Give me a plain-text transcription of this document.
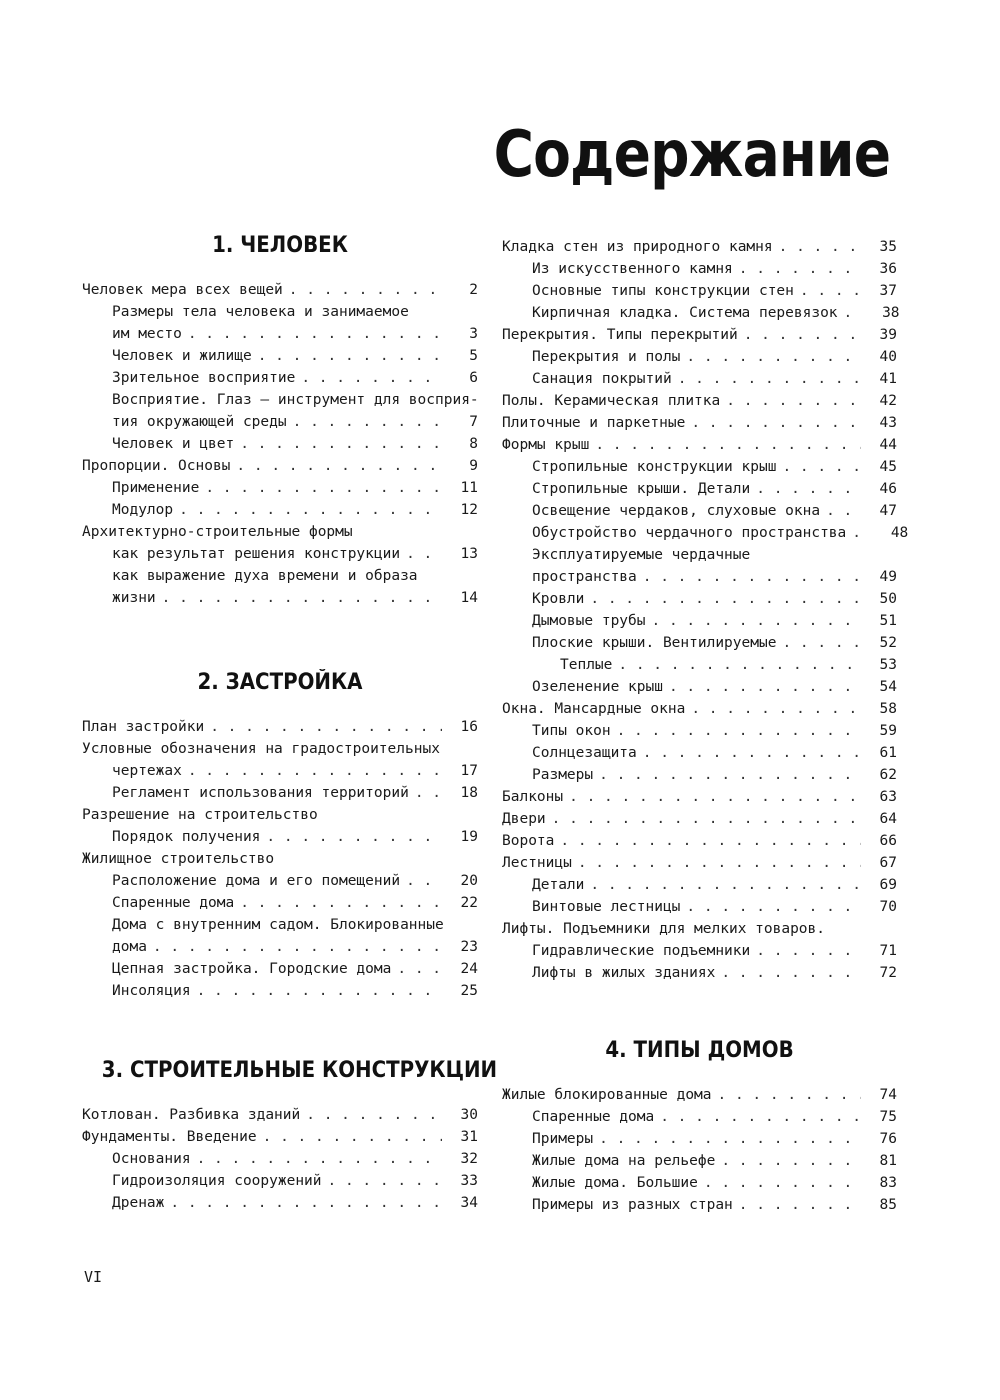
Содержание
1. ЧЕЛОВЕК
Человек мера всех вещей . . .	2
Размеры тела человека и занимаемое
им место . . .	3
Человек и жилище . . .	5
Зрительное восприятие . . .	6
Восприятие. Глаз – инструмент для восприя-
тия окружающей среды . . .	7
Человек и цвет . . .	8
Пропорции. Основы . . .	9
Применение . . .	11
Модулор . . .	12
Архитектурно-строительные формы
как результат решения конструкции . . .	13
как выражение духа времени и образа
жизни . . .	14
2. ЗАСТРОЙКА
План застройки . . .	16
Условные обозначения на градостроительных
чертежах . . .	17
Регламент использования территорий . . .	18
Разрешение на строительство
Порядок получения . . .	19
Жилищное строительство
Расположение дома и его помещений . . .	20
Спаренные дома . . .	22
Дома с внутренним садом. Блокированные
дома . . .	23
Цепная застройка. Городские дома . . .	24
Инсоляция . . .	25
3. СТРОИТЕЛЬНЫЕ КОНСТРУКЦИИ
Котлован. Разбивка зданий . . .	30
Фундаменты. Введение . . .	31
Основания . . .	32
Гидроизоляция сооружений . . .	33
Дренаж . . .	34
Кладка стен из природного камня . . .	35
Из искусственного камня . . .	36
Основные типы конструкции стен . . .	37
Кирпичная кладка. Система перевязок . . .	38
Перекрытия. Типы перекрытий . . .	39
Перекрытия и полы . . .	40
Санация покрытий . . .	41
Полы. Керамическая плитка . . .	42
Плиточные и паркетные . . .	43
Формы крыш . . .	44
Стропильные конструкции крыш . . .	45
Стропильные крыши. Детали . . .	46
Освещение чердаков, слуховые окна . . .	47
Обустройство чердачного пространства . . .	48
Эксплуатируемые чердачные
пространства . . .	49
Кровли . . .	50
Дымовые трубы . . .	51
Плоские крыши. Вентилируемые . . .	52
Теплые . . .	53
Озеленение крыш . . .	54
Окна. Мансардные окна . . .	58
Типы окон . . .	59
Солнцезащита . . .	61
Размеры . . .	62
Балконы . . .	63
Двери . . .	64
Ворота . . .	66
Лестницы . . .	67
Детали . . .	69
Винтовые лестницы . . .	70
Лифты. Подъемники для мелких товаров.
Гидравлические подъемники . . .	71
Лифты в жилых зданиях . . .	72
4. ТИПЫ ДОМОВ
Жилые блокированные дома . . .	74
Спаренные дома . . .	75
Примеры . . .	76
Жилые дома на рельефе . . .	81
Жилые дома. Большие . . .	83
Примеры из разных стран . . .	85
VI
